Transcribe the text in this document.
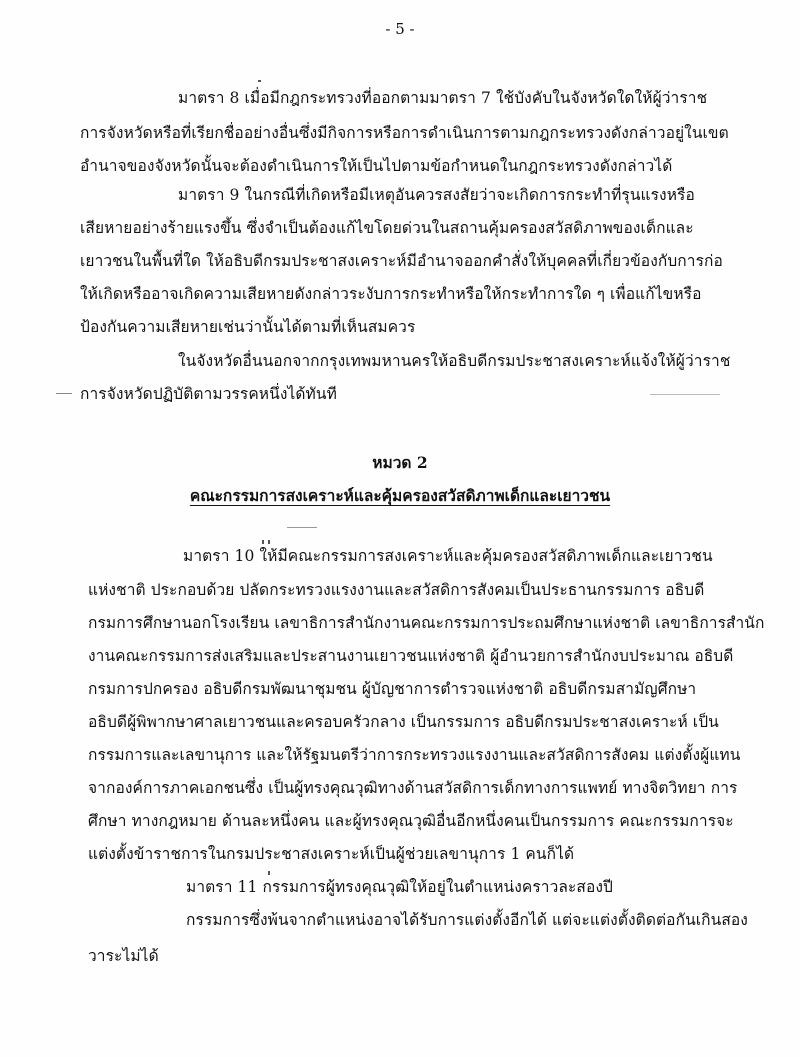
- 5 -
มาตรา 8 เมื่อมีกฎกระทรวงที่ออกตามมาตรา 7 ใช้บังคับในจังหวัดใดให้ผู้ว่าราช
การจังหวัดหรือที่เรียกชื่ออย่างอื่นซึ่งมีกิจการหรือการดำเนินการตามกฎกระทรวงดังกล่าวอยู่ในเขต
อำนาจของจังหวัดนั้นจะต้องดำเนินการให้เป็นไปตามข้อกำหนดในกฎกระทรวงดังกล่าวได้
มาตรา 9 ในกรณีที่เกิดหรือมีเหตุอันควรสงสัยว่าจะเกิดการกระทำที่รุนแรงหรือ
เสียหายอย่างร้ายแรงขึ้น ซึ่งจำเป็นต้องแก้ไขโดยด่วนในสถานคุ้มครองสวัสดิภาพของเด็กและ
เยาวชนในพื้นที่ใด ให้อธิบดีกรมประชาสงเคราะห์มีอำนาจออกคำสั่งให้บุคคลที่เกี่ยวข้องกับการก่อ
ให้เกิดหรืออาจเกิดความเสียหายดังกล่าวระงับการกระทำหรือให้กระทำการใด ๆ เพื่อแก้ไขหรือ
ป้องกันความเสียหายเช่นว่านั้นได้ตามที่เห็นสมควร
ในจังหวัดอื่นนอกจากกรุงเทพมหานครให้อธิบดีกรมประชาสงเคราะห์แจ้งให้ผู้ว่าราช
การจังหวัดปฏิบัติตามวรรคหนึ่งได้ทันที
หมวด 2
คณะกรรมการสงเคราะห์และคุ้มครองสวัสดิภาพเด็กและเยาวชน
มาตรา 10 ให้มีคณะกรรมการสงเคราะห์และคุ้มครองสวัสดิภาพเด็กและเยาวชน
แห่งชาติ ประกอบด้วย ปลัดกระทรวงแรงงานและสวัสดิการสังคมเป็นประธานกรรมการ อธิบดี
กรมการศึกษานอกโรงเรียน เลขาธิการสำนักงานคณะกรรมการประถมศึกษาแห่งชาติ เลขาธิการสำนัก
งานคณะกรรมการส่งเสริมและประสานงานเยาวชนแห่งชาติ ผู้อำนวยการสำนักงบประมาณ อธิบดี
กรมการปกครอง อธิบดีกรมพัฒนาชุมชน ผู้บัญชาการตำรวจแห่งชาติ อธิบดีกรมสามัญศึกษา
อธิบดีผู้พิพากษาศาลเยาวชนและครอบครัวกลาง เป็นกรรมการ อธิบดีกรมประชาสงเคราะห์ เป็น
กรรมการและเลขานุการ และให้รัฐมนตรีว่าการกระทรวงแรงงานและสวัสดิการสังคม แต่งตั้งผู้แทน
จากองค์การภาคเอกชนซึ่ง เป็นผู้ทรงคุณวุฒิทางด้านสวัสดิการเด็กทางการแพทย์ ทางจิตวิทยา การ
ศึกษา ทางกฎหมาย ด้านละหนึ่งคน และผู้ทรงคุณวุฒิอื่นอีกหนึ่งคนเป็นกรรมการ คณะกรรมการจะ
แต่งตั้งข้าราชการในกรมประชาสงเคราะห์เป็นผู้ช่วยเลขานุการ 1 คนก็ได้
มาตรา 11 กรรมการผู้ทรงคุณวุฒิให้อยู่ในตำแหน่งคราวละสองปี
กรรมการซึ่งพ้นจากตำแหน่งอาจได้รับการแต่งตั้งอีกได้ แต่จะแต่งตั้งติดต่อกันเกินสอง
วาระไม่ได้
